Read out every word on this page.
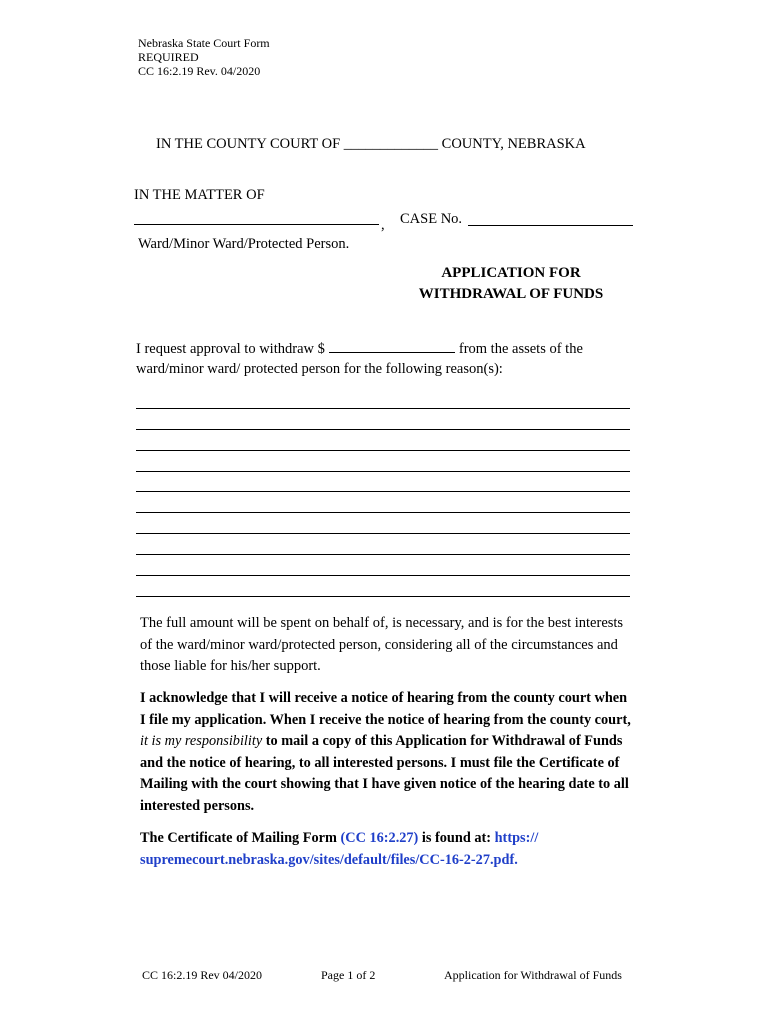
Nebraska State Court Form
REQUIRED
CC 16:2.19 Rev. 04/2020
IN THE COUNTY COURT OF _____________ COUNTY, NEBRASKA
IN THE MATTER OF
, CASE No.
Ward/Minor Ward/Protected Person.
APPLICATION FOR
WITHDRAWAL OF FUNDS
I request approval to withdraw $	from the assets of the
ward/minor ward/ protected person for the following reason(s):
The full amount will be spent on behalf of, is necessary, and is for the best interests of the ward/minor ward/protected person, considering all of the circumstances and those liable for his/her support.
I acknowledge that I will receive a notice of hearing from the county court when I file my application. When I receive the notice of hearing from the county court, it is my responsibility to mail a copy of this Application for Withdrawal of Funds and the notice of hearing, to all interested persons. I must file the Certificate of Mailing with the court showing that I have given notice of the hearing date to all interested persons.
The Certificate of Mailing Form (CC 16:2.27) is found at: https:// supremecourt.nebraska.gov/sites/default/files/CC-16-2-27.pdf.
CC 16:2.19 Rev 04/2020	Page 1 of 2	Application for Withdrawal of Funds
